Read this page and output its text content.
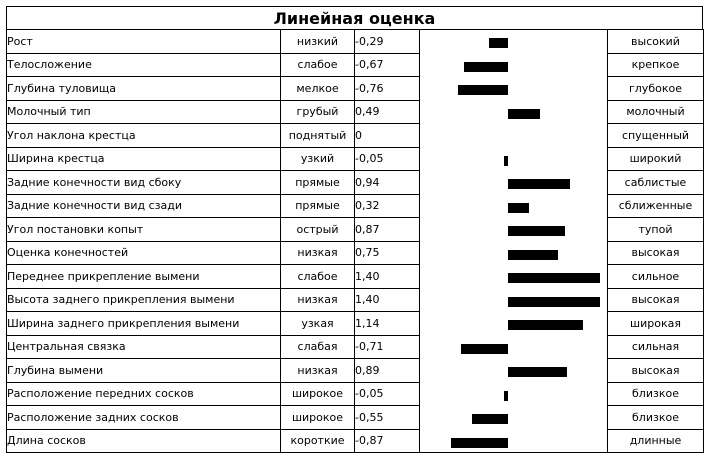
Линейная оценка
Рост	низкий	-0,29		высокий
Телосложение	слабое	-0,67		крепкое
Глубина туловища	мелкое	-0,76		глубокое
Молочный тип	грубый	0,49		молочный
Угол наклона крестца	поднятый	0		спущенный
Ширина крестца	узкий	-0,05		широкий
Задние конечности вид сбоку	прямые	0,94		саблистые
Задние конечности вид сзади	прямые	0,32		сближенные
Угол постановки копыт	острый	0,87		тупой
Оценка конечностей	низкая	0,75		высокая
Переднее прикрепление вымени	слабое	1,40		сильное
Высота заднего прикрепления вымени	низкая	1,40		высокая
Ширина заднего прикрепления вымени	узкая	1,14		широкая
Центральная связка	слабая	-0,71		сильная
Глубина вымени	низкая	0,89		высокая
Расположение передних сосков	широкое	-0,05		близкое
Расположение задних сосков	широкое	-0,55		близкое
Длина сосков	короткие	-0,87		длинные
